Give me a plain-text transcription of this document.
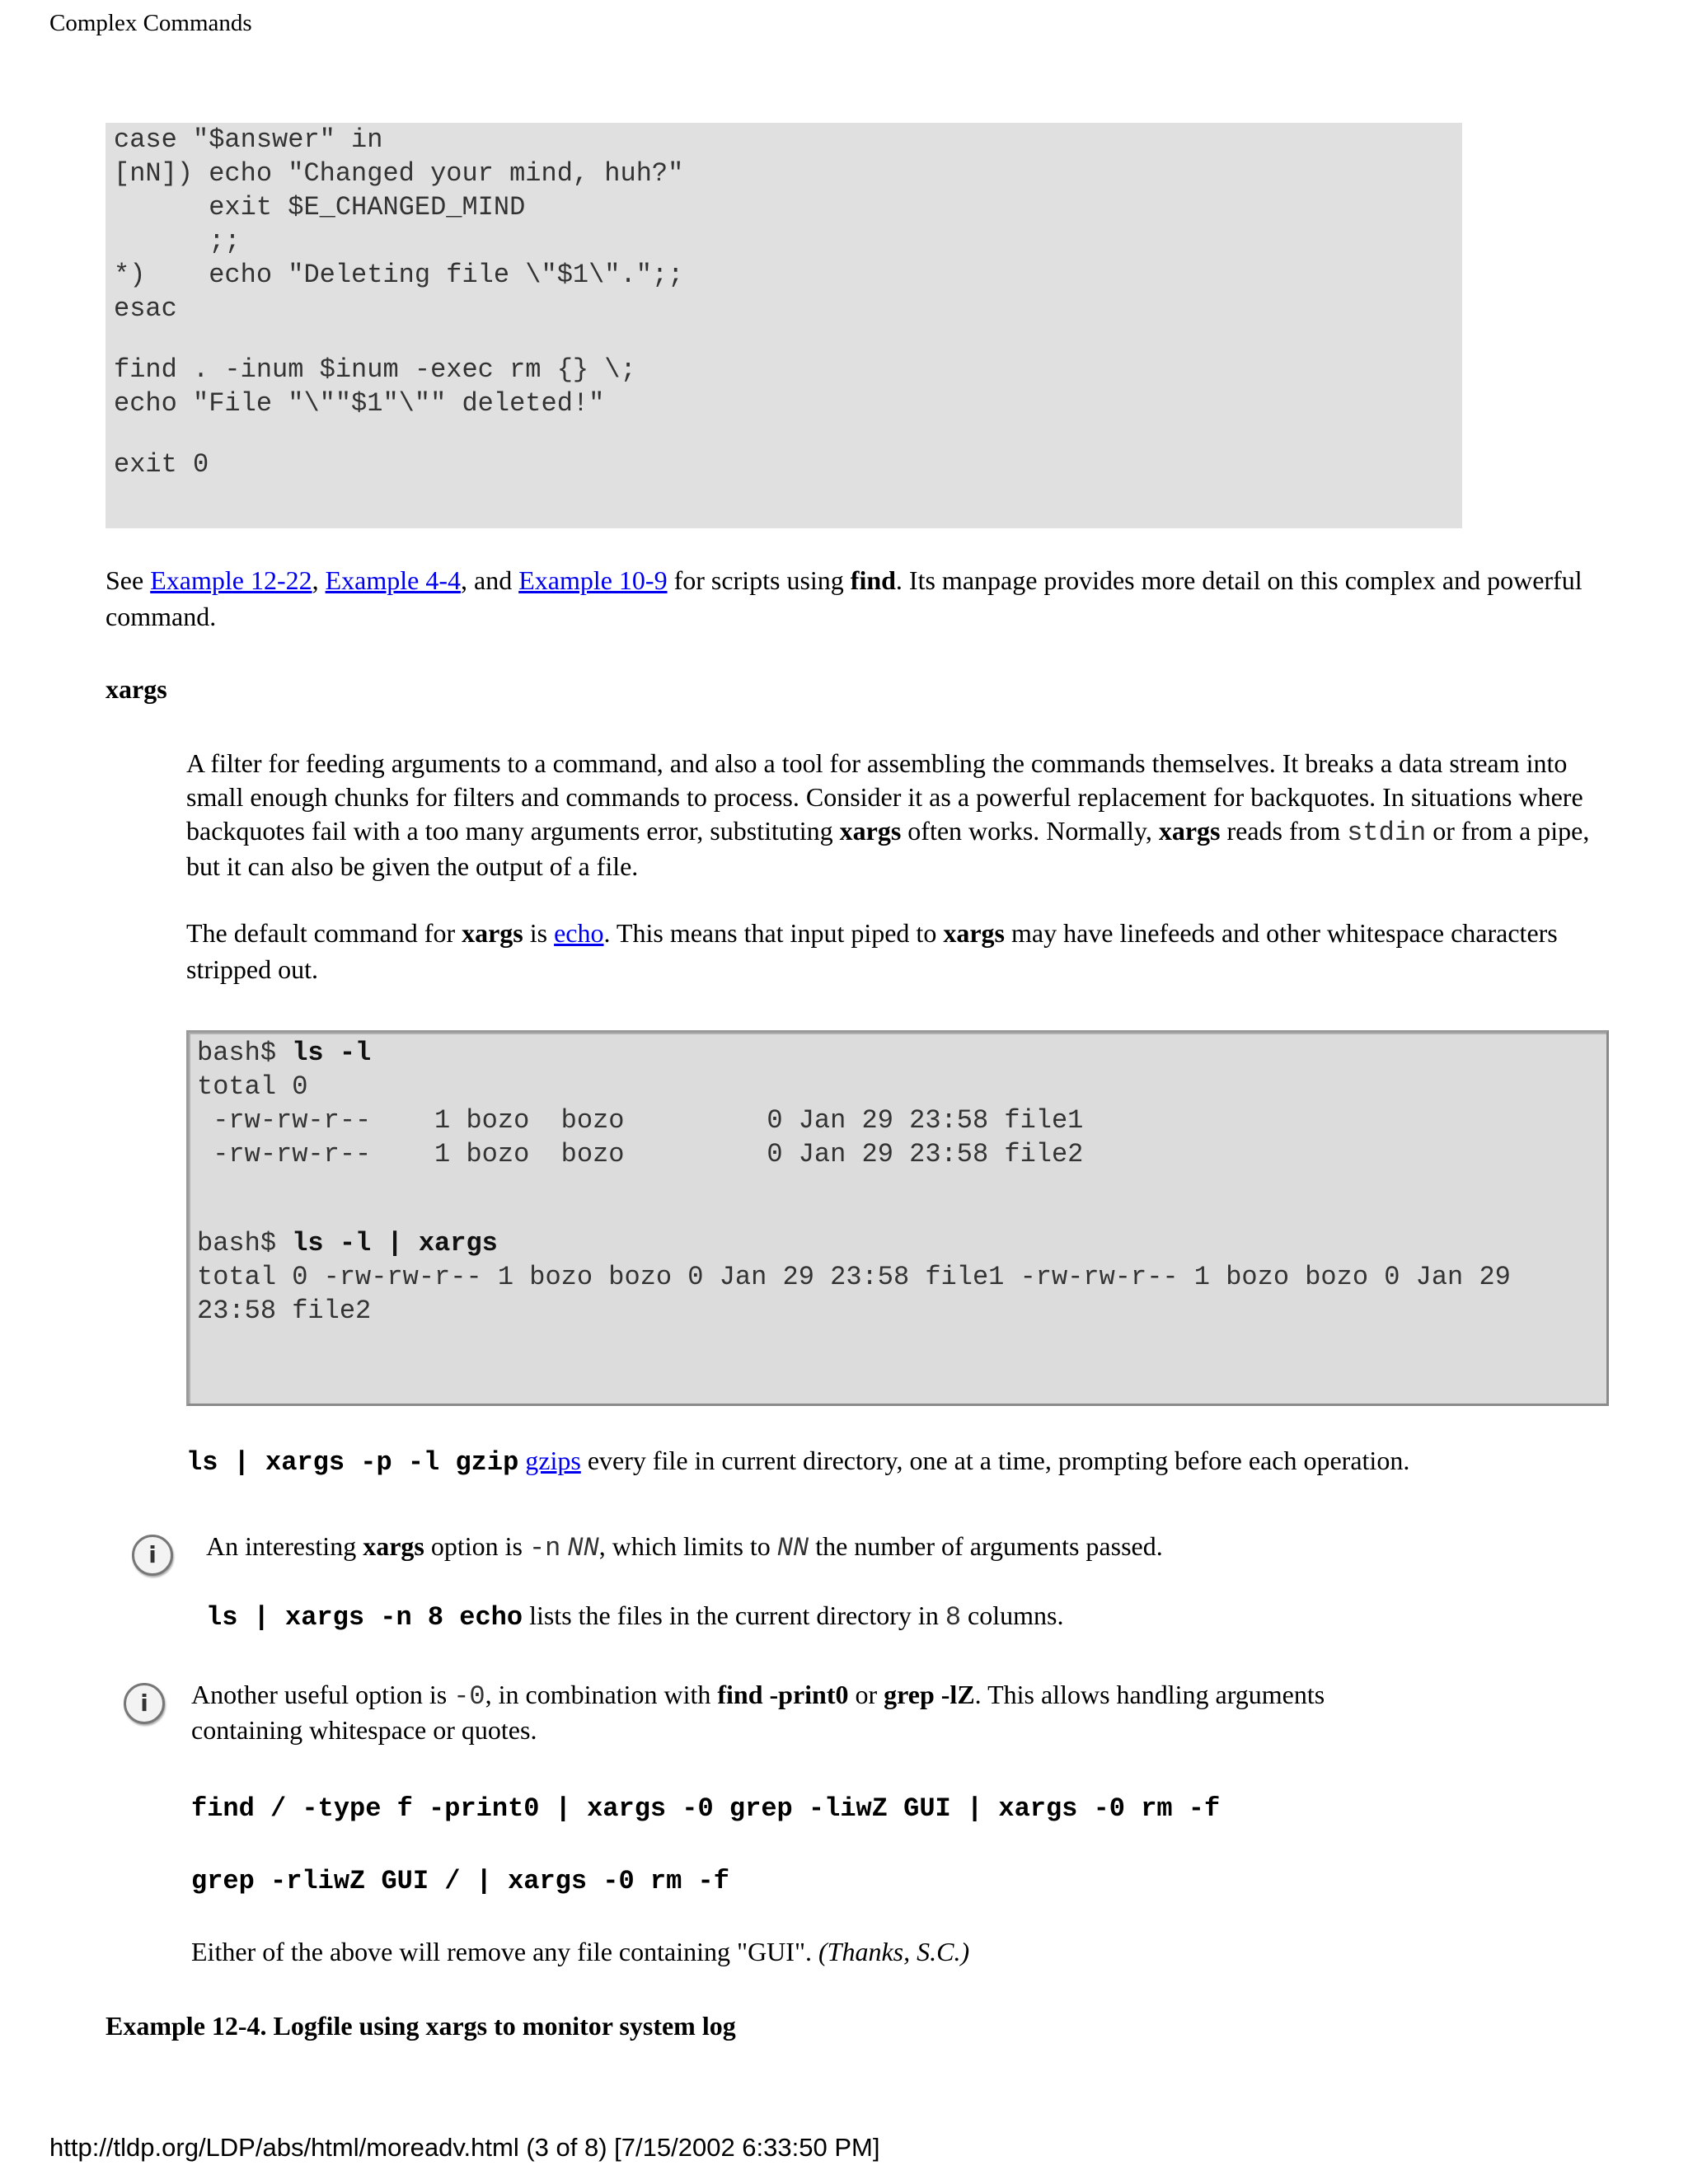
Complex Commands
case "$answer" in
[nN]) echo "Changed your mind, huh?"
exit $E_CHANGED_MIND
;;
*)    echo "Deleting file \"$1\".";;
esac
find . -inum $inum -exec rm {} \;
echo "File "\""$1"\"" deleted!"
exit 0
See Example 12-22, Example 4-4, and Example 10-9 for scripts using find. Its manpage provides more detail on this complex and powerful command.
xargs
A filter for feeding arguments to a command, and also a tool for assembling the commands themselves. It breaks a data stream into small enough chunks for filters and commands to process. Consider it as a powerful replacement for backquotes. In situations where backquotes fail with a too many arguments error, substituting xargs often works. Normally, xargs reads from stdin or from a pipe, but it can also be given the output of a file.
The default command for xargs is echo. This means that input piped to xargs may have linefeeds and other whitespace characters stripped out.
bash$ ls -l
total 0
-rw-rw-r--    1 bozo  bozo         0 Jan 29 23:58 file1
-rw-rw-r--    1 bozo  bozo         0 Jan 29 23:58 file2
bash$ ls -l | xargs
total 0 -rw-rw-r-- 1 bozo bozo 0 Jan 29 23:58 file1 -rw-rw-r-- 1 bozo bozo 0 Jan 29
23:58 file2
ls | xargs -p -l gzip gzips every file in current directory, one at a time, prompting before each operation.
i	An interesting xargs option is -n NN, which limits to NN the number of arguments passed.
ls | xargs -n 8 echo lists the files in the current directory in 8 columns.
i	Another useful option is -0, in combination with find -print0 or grep -lZ. This allows handling arguments containing whitespace or quotes.
find / -type f -print0 | xargs -0 grep -liwZ GUI | xargs -0 rm -f
grep -rliwZ GUI / | xargs -0 rm -f
Either of the above will remove any file containing "GUI". (Thanks, S.C.)
Example 12-4. Logfile using xargs to monitor system log
http://tldp.org/LDP/abs/html/moreadv.html (3 of 8) [7/15/2002 6:33:50 PM]
